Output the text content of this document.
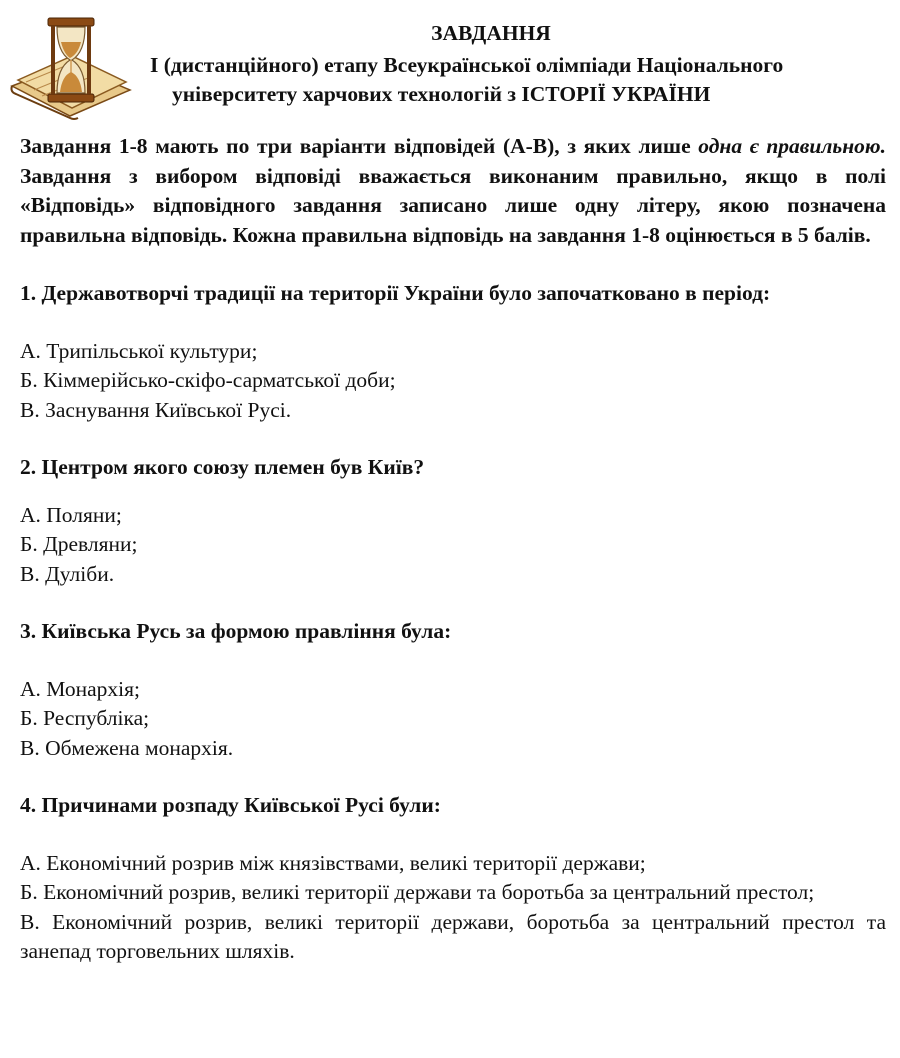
ЗАВДАННЯ
І (дистанційного) етапу Всеукраїнської олімпіади Національного
університету харчових технологій з ІСТОРІЇ УКРАЇНИ

Завдання 1-8 мають по три варіанти відповідей (А-В), з яких лише одна є правильною. Завдання з вибором відповіді вважається виконаним правильно, якщо в полі «Відповідь» відповідного завдання записано лише одну літеру, якою позначена правильна відповідь. Кожна правильна відповідь на завдання 1-8 оцінюється в 5 балів.

1. Державотворчі традиції на території України було започатковано в період:

А. Трипільської культури;
Б. Кіммерійсько-скіфо-сарматської доби;
В. Заснування Київської Русі.

2. Центром якого союзу племен був Київ?

А. Поляни;
Б. Древляни;
В. Дуліби.

3. Київська Русь за формою правління була:

А. Монархія;
Б. Республіка;
В. Обмежена монархія.

4. Причинами розпаду Київської Русі були:

А. Економічний розрив між князівствами, великі території держави;
Б. Економічний розрив, великі території держави та боротьба за центральний престол;
В. Економічний розрив, великі території держави, боротьба за центральний престол та занепад торговельних шляхів.
